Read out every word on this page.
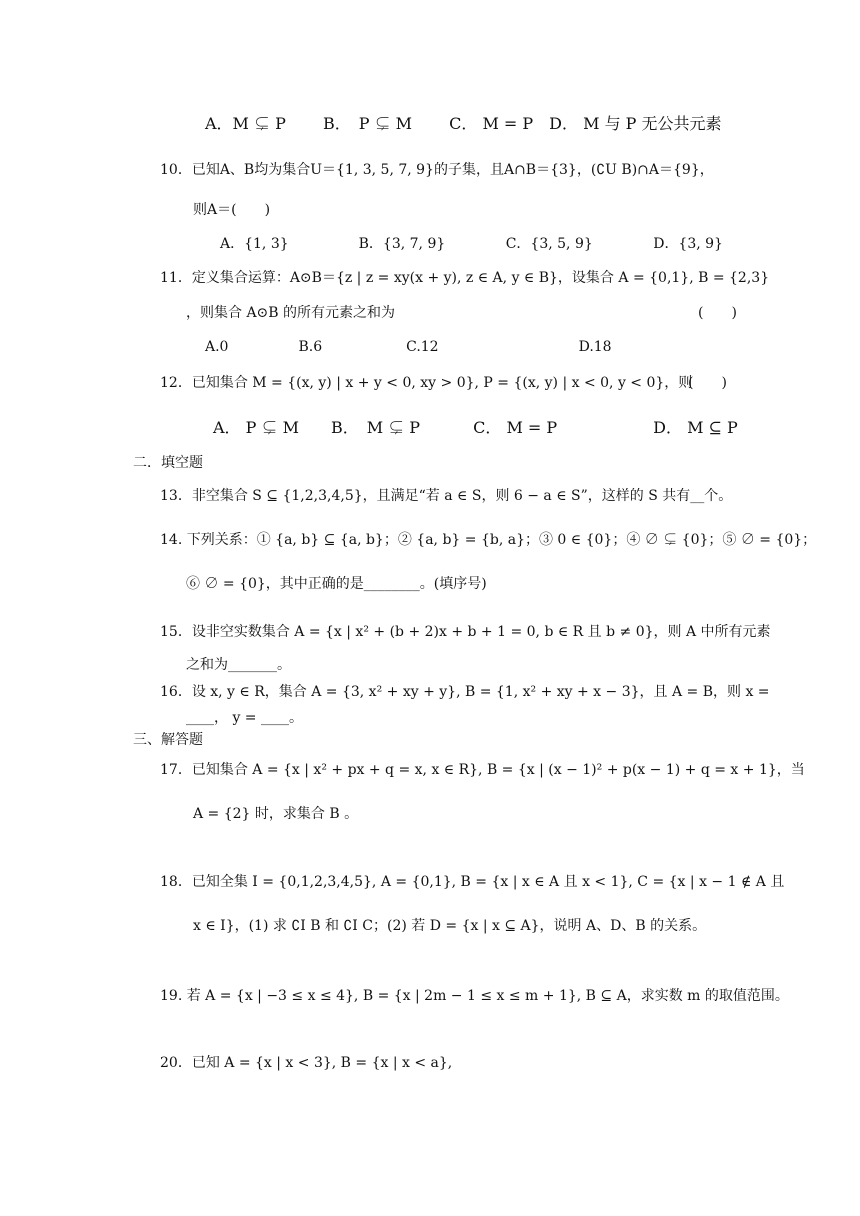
A．M ⊊ P　　 B．　P ⊊ M　　 C． M = P　D． M 与 P 无公共元素
10．已知A、B均为集合U＝{1, 3, 5, 7, 9}的子集，且A∩B＝{3}，(∁U B)∩A＝{9}，
则A＝(　　)
A．{1, 3}　　　　　B．{3, 7, 9}　　　　 C．{3, 5, 9}　　　　 D．{3, 9}
11．定义集合运算：A⊙B＝{z | z = xy(x + y), z ∈ A, y ∈ B}，设集合 A = {0,1}, B = {2,3}
，则集合 A⊙B 的所有元素之和为	(　　)
A.0　　　　　B.6　　　　　　C.12　　　　　　　　　　D.18
12．已知集合 M = {(x, y) | x + y < 0, xy > 0}, P = {(x, y) | x < 0, y < 0}，则
(　　)
A． P ⊊ M　　B．　M ⊊ P　　　 C． M = P　　　　　　D． M ⊆ P
二．填空题
13．非空集合 S ⊆ {1,2,3,4,5}，且满足“若 a ∈ S，则 6 − a ∈ S”，这样的 S 共有__个。
14. 下列关系：① {a, b} ⊆ {a, b}；② {a, b} = {b, a}；③ 0 ∈ {0}；④ ∅ ⊊ {0}；⑤ ∅ = {0}；
⑥ ∅ = {0}，其中正确的是________。(填序号)
15．设非空实数集合 A = {x | x² + (b + 2)x + b + 1 = 0, b ∈ R 且 b ≠ 0}，则 A 中所有元素
之和为_______。
16．设 x, y ∈ R，集合 A = {3, x² + xy + y}, B = {1, x² + xy + x − 3}，且 A = B，则 x =
____， y = ____。
三、解答题
17．已知集合 A = {x | x² + px + q = x, x ∈ R}, B = {x | (x − 1)² + p(x − 1) + q = x + 1}，当
A = {2} 时，求集合 B 。
18．已知全集 I = {0,1,2,3,4,5}, A = {0,1}, B = {x | x ∈ A 且 x < 1}, C = {x | x − 1 ∉ A 且
x ∈ I}，(1) 求 ∁I B 和 ∁I C；(2) 若 D = {x | x ⊆ A}，说明 A、D、B 的关系。
19. 若 A = {x | −3 ≤ x ≤ 4}, B = {x | 2m − 1 ≤ x ≤ m + 1}, B ⊆ A，求实数 m 的取值范围。
20．已知 A = {x | x < 3}, B = {x | x < a},
